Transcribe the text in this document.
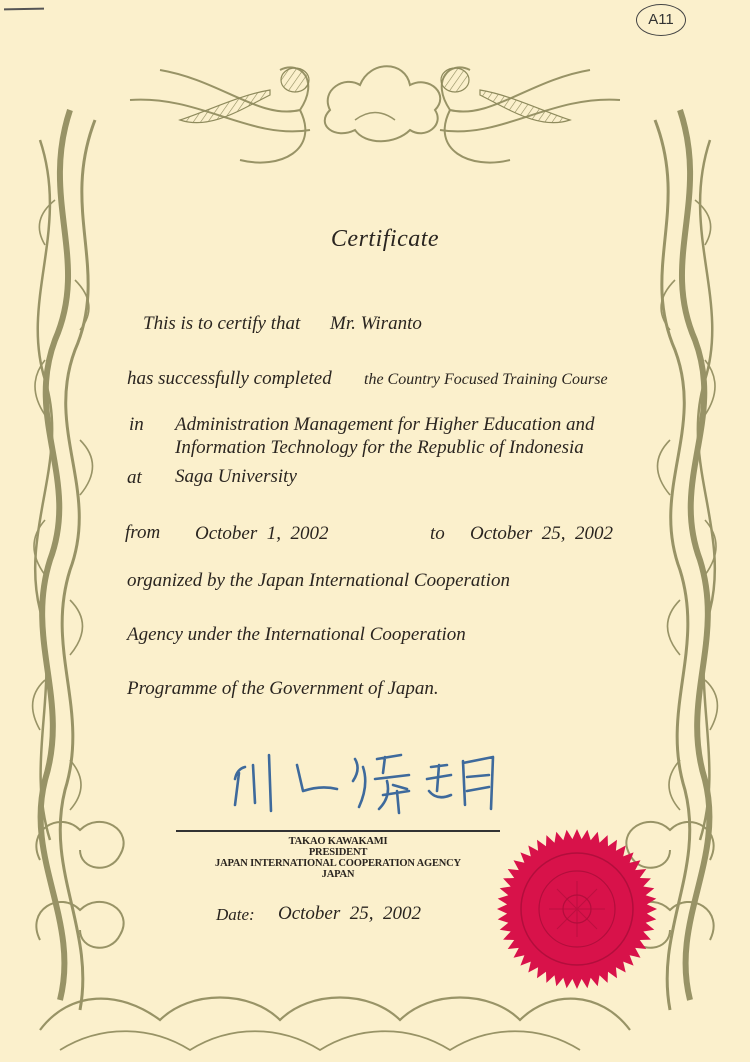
A11
Certificate
This is to certify that Mr. Wiranto
has successfully completed the Country Focused Training Course
in Administration Management for Higher Education and
Information Technology for the Republic of Indonesia
at Saga University
from October  1,  2002	to October  25,  2002
organized by the Japan International Cooperation
Agency under the International Cooperation
Programme of the Government of Japan.
TAKAO KAWAKAMI
PRESIDENT
JAPAN INTERNATIONAL COOPERATION AGENCY
JAPAN
Date: October  25,  2002
